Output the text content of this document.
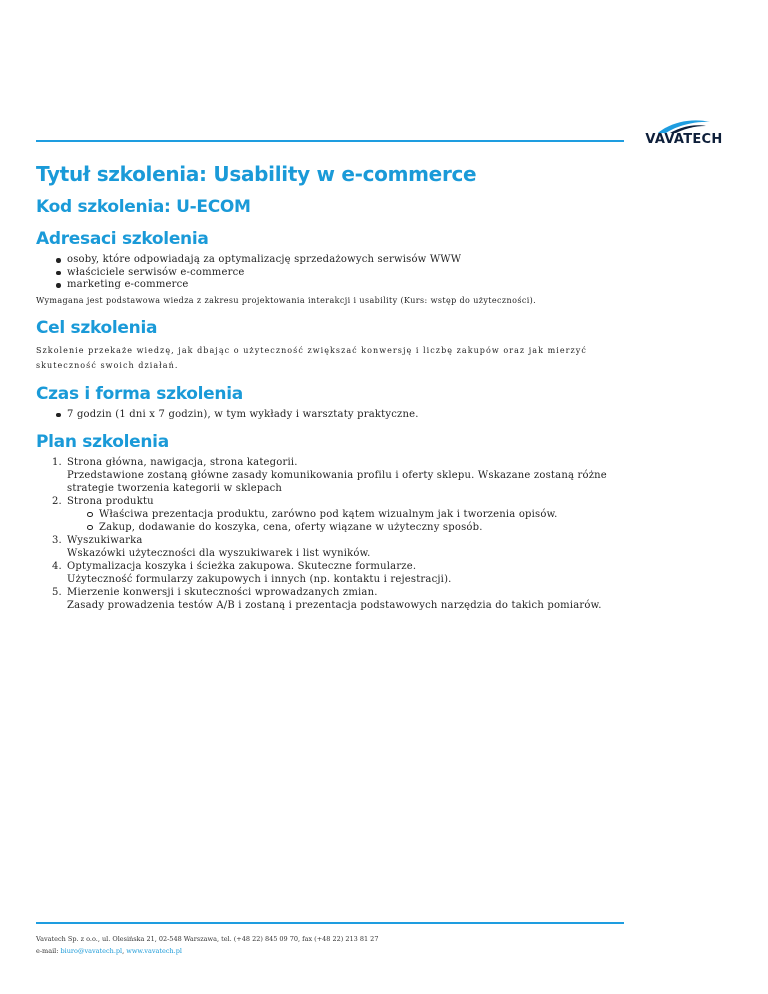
VAVATECH
Tytuł szkolenia: Usability w e-commerce
Kod szkolenia: U-ECOM
Adresaci szkolenia
osoby, które odpowiadają za optymalizację sprzedażowych serwisów WWW
właściciele serwisów e-commerce
marketing e-commerce

Wymagana jest podstawowa wiedza z zakresu projektowania interakcji i usability (Kurs: wstęp do użyteczności).

Cel szkolenia

Szkolenie przekaże wiedzę, jak dbając o użyteczność zwiększać konwersję i liczbę zakupów oraz jak mierzyć skuteczność swoich działań.

Czas i forma szkolenia
7 godzin (1 dni x 7 godzin), w tym wykłady i warsztaty praktyczne.
Plan szkolenia
1. Strona główna, nawigacja, strona kategorii.
Przedstawione zostaną główne zasady komunikowania profilu i oferty sklepu. Wskazane zostaną różne
strategie tworzenia kategorii w sklepach
2. Strona produktu
Właściwa prezentacja produktu, zarówno pod kątem wizualnym jak i tworzenia opisów.
Zakup, dodawanie do koszyka, cena, oferty wiązane w użyteczny sposób.
3. Wyszukiwarka
Wskazówki użyteczności dla wyszukiwarek i list wyników.
4. Optymalizacja koszyka i ścieżka zakupowa. Skuteczne formularze.
Użyteczność formularzy zakupowych i innych (np. kontaktu i rejestracji).
5. Mierzenie konwersji i skuteczności wprowadzanych zmian.
Zasady prowadzenia testów A/B i zostaną i prezentacja podstawowych narzędzia do takich pomiarów.
Vavatech Sp. z o.o., ul. Olesińska 21, 02-548 Warszawa, tel. (+48 22) 845 09 70, fax (+48 22) 213 81 27
e-mail: biuro@vavatech.pl, www.vavatech.pl
